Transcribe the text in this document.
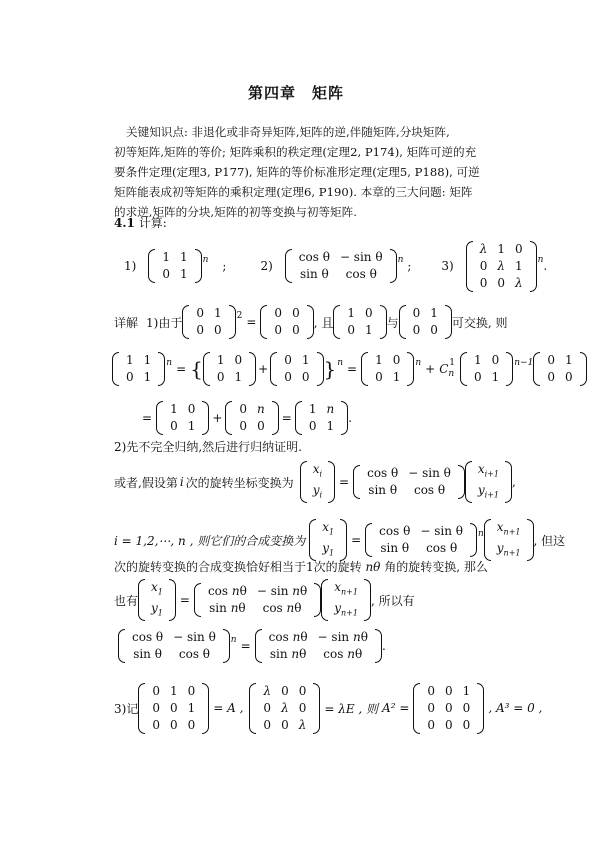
第四章　矩阵
关键知识点: 非退化或非奇异矩阵,矩阵的逆,伴随矩阵,分块矩阵,
初等矩阵,矩阵的等价; 矩阵乘积的秩定理(定理2, P174), 矩阵可逆的充
要条件定理(定理3, P177), 矩阵的等价标准形定理(定理5, P188), 可逆
矩阵能表成初等矩阵的乘积定理(定理6, P190). 本章的三大问题: 矩阵
的求逆,矩阵的分块,矩阵的初等变换与初等矩阵.
4.1 计算:
1)
1	1
0	1
n ;	2)
cos θ	− sin θ
sin θ	cos θ
n ;	3)
λ	1	0
0	λ	1
0	0	λ
n .
详解 1)由于
0	1
0	0
2 =
0	0
0	0
, 且
1	0
0	1
与
0	1
0	0
可交换, 则
1	1
0	1
n = { 1	0
0	1
+
0	1
0	0 } n =
1	0
0	1
n + C n
1 1	0
0	1
n−1 0	1
0	0
=
1	0
0	1
+
0	n
0	0
=
1	n
0	1
.
2)先不完全归纳,然后进行归纳证明.
或者,假设第 i 次的旋转坐标变换为
$x_i$
$y_i$
=
cos θ	− sin θ
sin θ	cos θ
$x_{i+1}$
$y_{i+1}$
,
i = 1,2,⋯, n , 则它们的合成变换为
$x_1$
$y_1$
=
cos θ	− sin θ
sin θ	cos θ
n
$x_{n+1}$
$y_{n+1}$
, 但这
次的旋转变换的合成变换恰好相当于1次的旋转 nθ 角的旋转变换, 那么
也有
$x_1$
$y_1$
=
cos nθ	− sin nθ
sin nθ	cos nθ
$x_{n+1}$
$y_{n+1}$
, 所以有
cos θ	− sin θ
sin θ	cos θ
n =
cos nθ	− sin nθ
sin nθ	cos nθ
.
3)记
0	1	0
0	0	1
0	0	0
= A ,
λ	0	0
0	λ	0
0	0	λ
= λE , 则 A² =
0	0	1
0	0	0
0	0	0
, A³ = 0 ,
